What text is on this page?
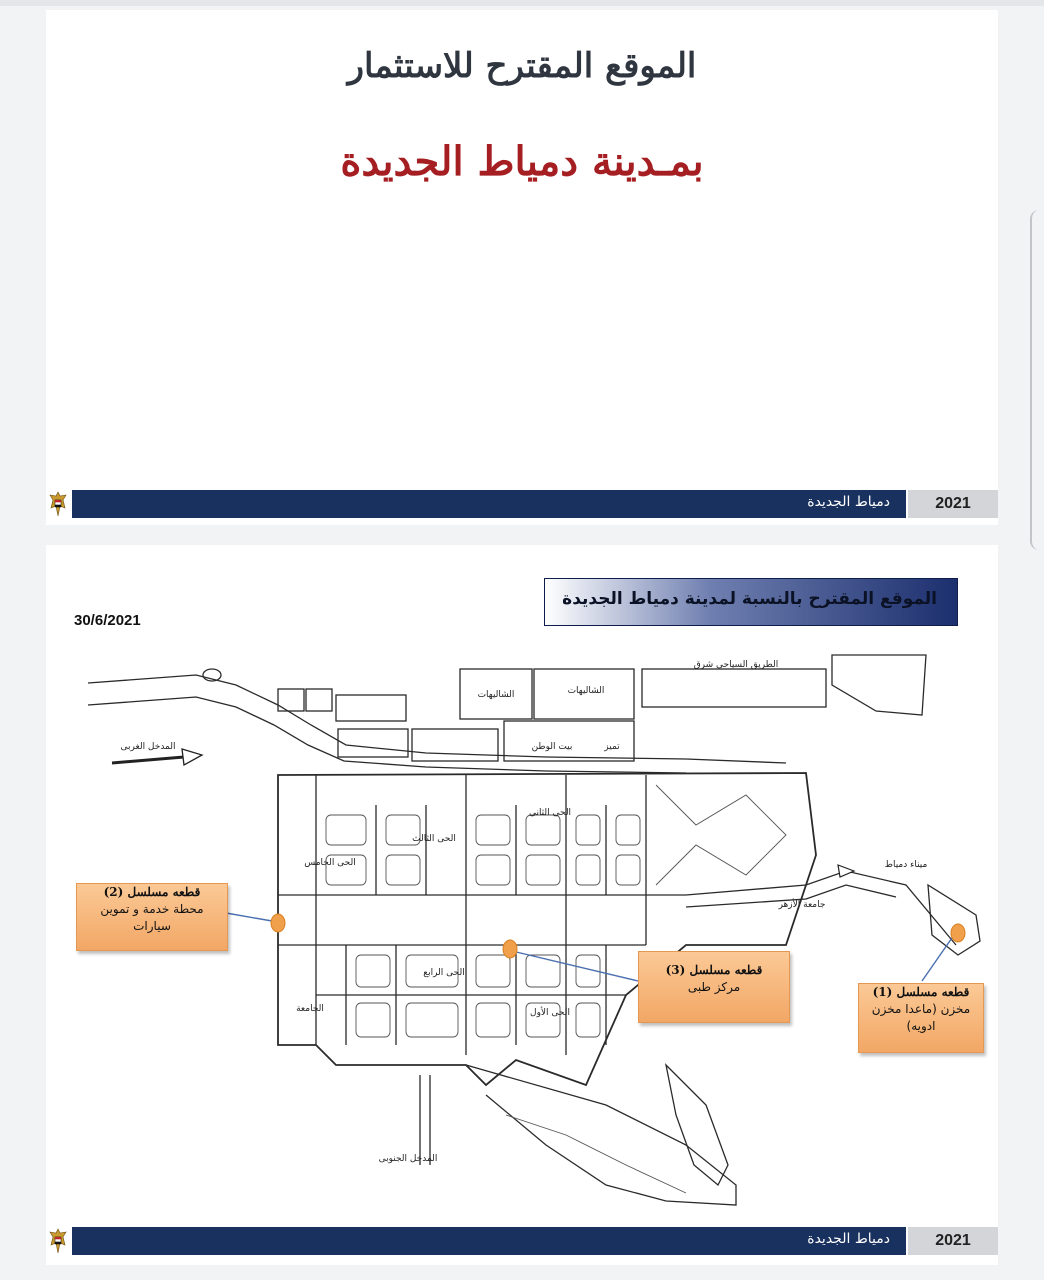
الموقع المقترح للاستثمار
بمـدينة دمياط الجديدة
دمياط الجديدة	2021
الموقع المقترح بالنسبة لمدينة دمياط الجديدة
30/6/2021
المدخل الغربى
المدخل الجنوبى
ميناء دمياط
جامعة الأزهر
الجامعة	الحى الأول
الحى الثانى
الحى الثالث
الحى الرابع
الحى الخامس
الشاليهات	الشاليهات
بيت الوطن	تميز
الطريق السياحى شرق
قطعه مسلسل (2)
محطة خدمة و تموين
سيارات
قطعه مسلسل (3)
مركز طبى	قطعه مسلسل (1)
مخزن (ماعدا مخزن
ادويه)
دمياط الجديدة	2021
